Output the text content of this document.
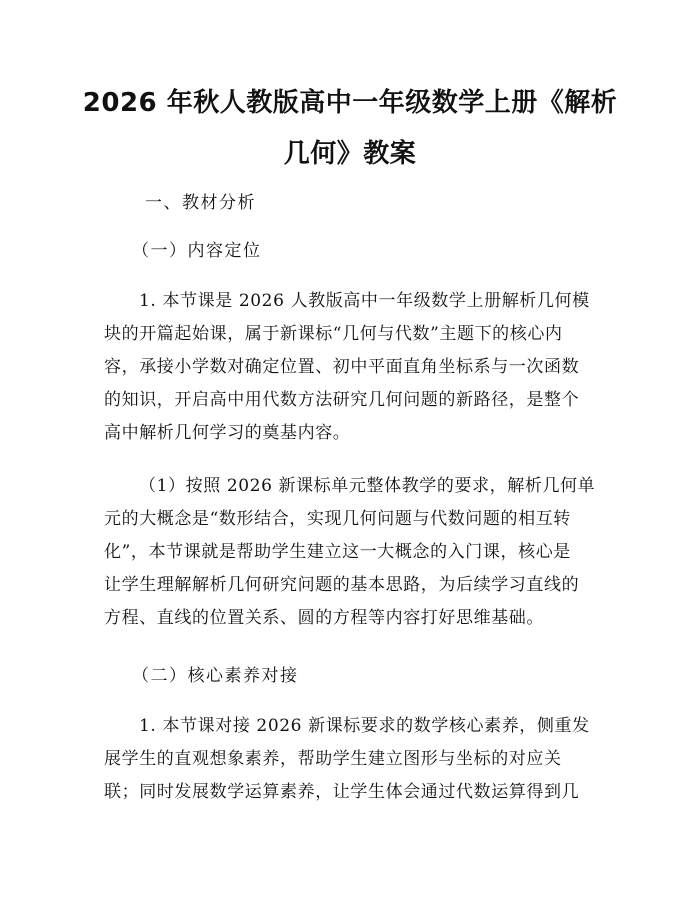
2026 年秋人教版高中一年级数学上册《解析
几何》教案
一、教材分析
（一）内容定位
1. 本节课是 2026 人教版高中一年级数学上册解析几何模
块的开篇起始课，属于新课标“几何与代数”主题下的核心内
容，承接小学数对确定位置、初中平面直角坐标系与一次函数
的知识，开启高中用代数方法研究几何问题的新路径，是整个
高中解析几何学习的奠基内容。
（1）按照 2026 新课标单元整体教学的要求，解析几何单
元的大概念是“数形结合，实现几何问题与代数问题的相互转
化”，本节课就是帮助学生建立这一大概念的入门课，核心是
让学生理解解析几何研究问题的基本思路，为后续学习直线的
方程、直线的位置关系、圆的方程等内容打好思维基础。
（二）核心素养对接
1. 本节课对接 2026 新课标要求的数学核心素养，侧重发
展学生的直观想象素养，帮助学生建立图形与坐标的对应关
联；同时发展数学运算素养，让学生体会通过代数运算得到几
